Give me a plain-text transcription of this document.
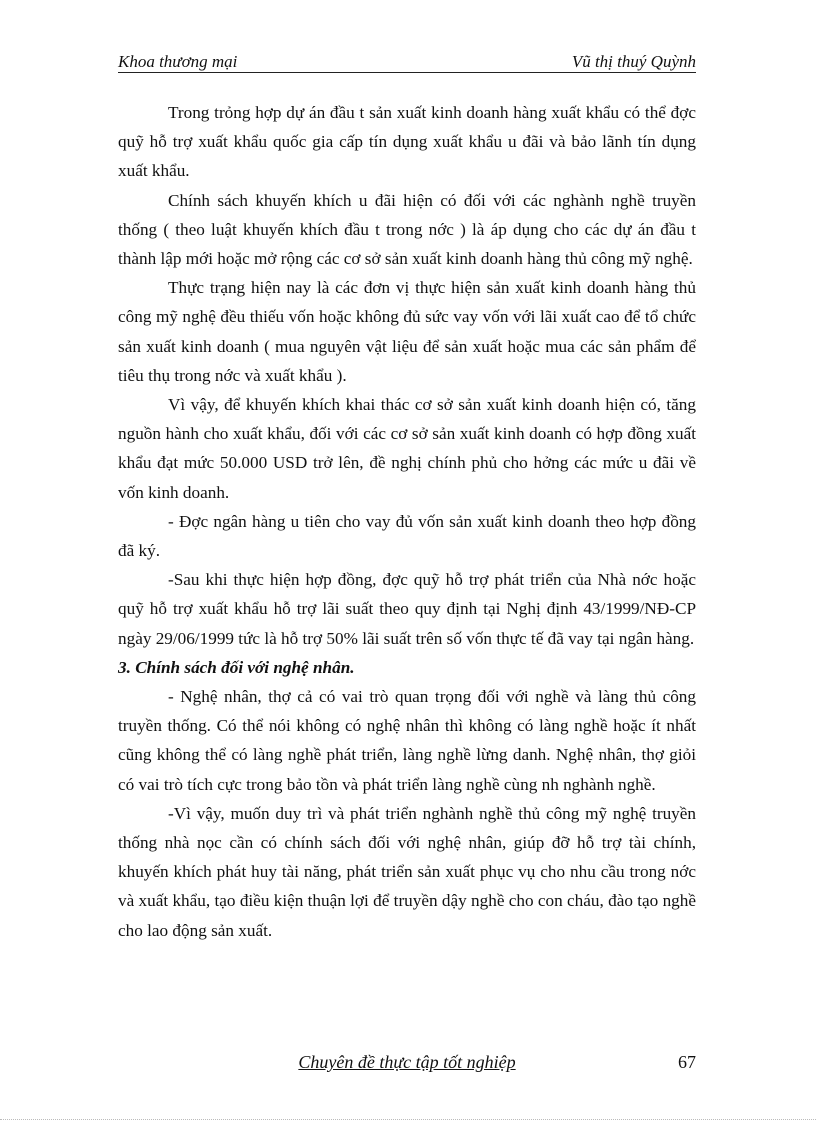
Khoa thương mại	Vũ thị thuý Quỳnh

Trong trỏng hợp dự án đầu t sản xuất kinh doanh hàng xuất khẩu có thể đợc quỹ hỗ trợ xuất khẩu quốc gia cấp tín dụng xuất khẩu u đãi và bảo lãnh tín dụng xuất khẩu.

Chính sách khuyến khích u đãi hiện có đối với các nghành nghề truyền thống ( theo luật khuyến khích đầu t trong nớc ) là áp dụng cho các dự án đầu t thành lập mới hoặc mở rộng các cơ sở sản xuất kinh doanh hàng thủ công mỹ nghệ.

Thực trạng hiện nay là các đơn vị thực hiện sản xuất kinh doanh hàng thủ công mỹ nghệ đều thiếu vốn hoặc không đủ sức vay vốn với lãi xuất cao để tổ chức sản xuất kinh doanh ( mua nguyên vật liệu để sản xuất hoặc mua các sản phẩm để tiêu thụ trong nớc và xuất khẩu ).

Vì vậy, để khuyến khích khai thác cơ sở sản xuất kinh doanh hiện có, tăng nguồn hành cho xuất khẩu, đối với các cơ sở sản xuất kinh doanh có hợp đồng xuất khẩu đạt mức 50.000 USD trở lên, đề nghị chính phủ cho hởng các mức u đãi về vốn kinh doanh.

- Đợc ngân hàng u tiên cho vay đủ vốn sản xuất kinh doanh theo hợp đồng đã ký.

-Sau khi thực hiện hợp đồng, đợc quỹ hỗ trợ phát triển của Nhà nớc hoặc quỹ hỗ trợ xuất khẩu hỗ trợ lãi suất theo quy định tại Nghị định 43/1999/NĐ-CP ngày 29/06/1999 tức là hỗ trợ 50% lãi suất trên số vốn thực tế đã vay tại ngân hàng.

3. Chính sách đối với nghệ nhân.

- Nghệ nhân, thợ cả có vai trò quan trọng đối với nghề và làng thủ công truyền thống. Có thể nói không có nghệ nhân thì không có làng nghề hoặc ít nhất cũng không thể có làng nghề phát triển, làng nghề lừng danh. Nghệ nhân, thợ giỏi có vai trò tích cực trong bảo tồn và phát triển làng nghề cùng nh nghành nghề.

-Vì vậy, muốn duy trì và phát triển nghành nghề thủ công mỹ nghệ truyền thống nhà nọc cần có chính sách đối với nghệ nhân, giúp đỡ hỗ trợ tài chính, khuyến khích phát huy tài năng, phát triển sản xuất phục vụ cho nhu cầu trong nớc và xuất khẩu, tạo điều kiện thuận lợi để truyền dậy nghề cho con cháu, đào tạo nghề cho lao động sản xuất.

Chuyên đề thực tập tốt nghiệp	67
